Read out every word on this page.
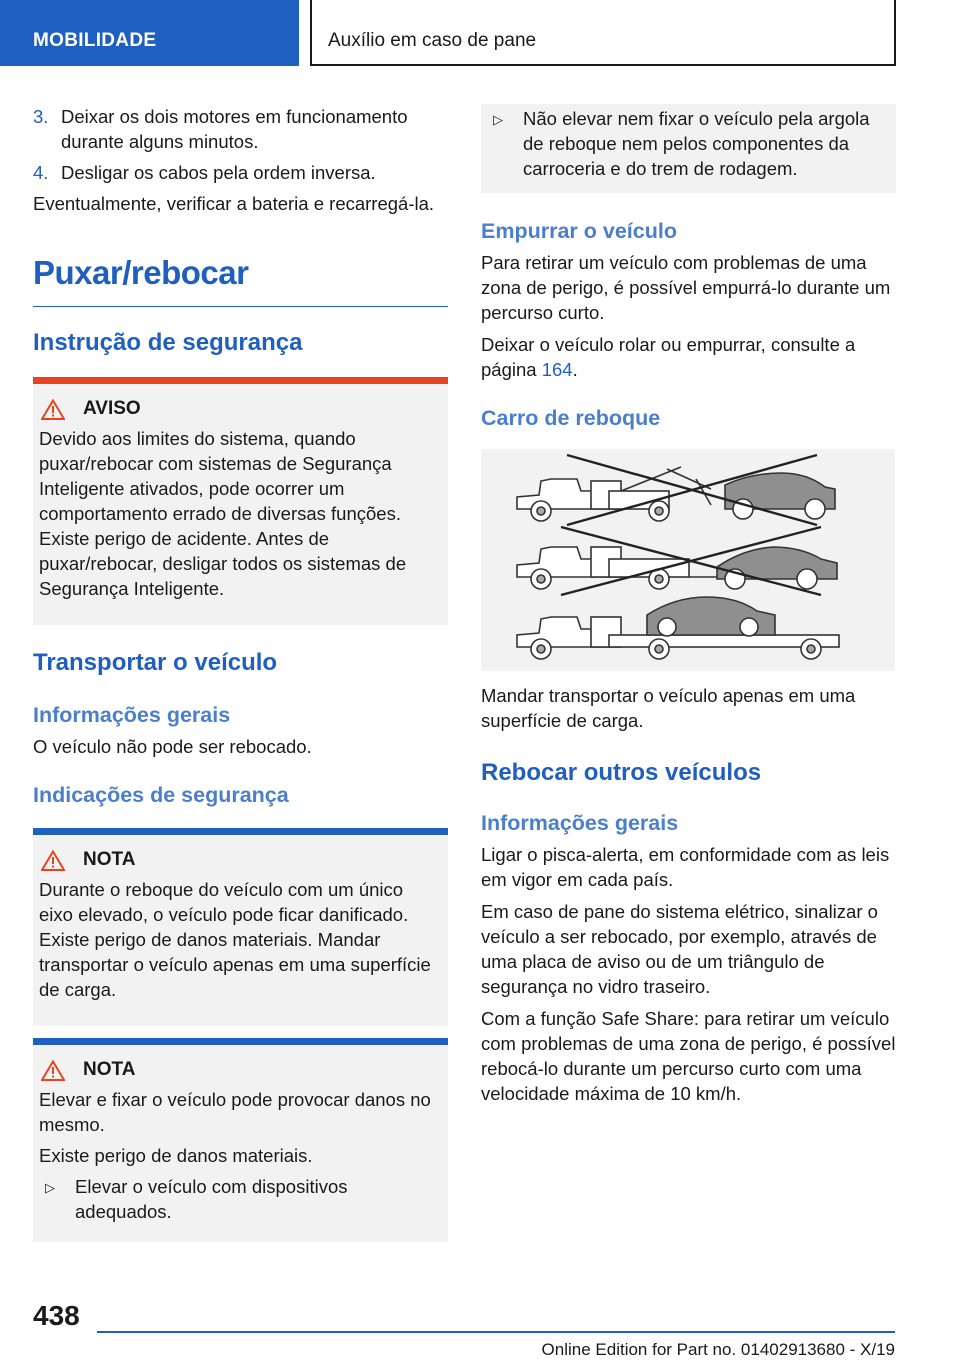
MOBILIDADE	Auxílio em caso de pane
3. Deixar os dois motores em funcionamento durante alguns minutos.
4. Desligar os cabos pela ordem inversa.

Eventualmente, verificar a bateria e recarregá-la.

Puxar/rebocar
Instrução de segurança
AVISO

Devido aos limites do sistema, quando puxar/rebocar com sistemas de Segurança Inteligente ativados, pode ocorrer um comportamento errado de diversas funções. Existe perigo de acidente. Antes de puxar/rebocar, desligar todos os sistemas de Segurança Inteligente.

Transportar o veículo
Informações gerais

O veículo não pode ser rebocado.

Indicações de segurança
NOTA

Durante o reboque do veículo com um único eixo elevado, o veículo pode ficar danificado. Existe perigo de danos materiais. Mandar transportar o veículo apenas em uma superfície de carga.

NOTA

Elevar e fixar o veículo pode provocar danos no mesmo.

Existe perigo de danos materiais.

▷ Elevar o veículo com dispositivos adequados.
▷ Não elevar nem fixar o veículo pela argola de reboque nem pelos componentes da carroceria e do trem de rodagem.
Empurrar o veículo

Para retirar um veículo com problemas de uma zona de perigo, é possível empurrá-lo durante um percurso curto.

Deixar o veículo rolar ou empurrar, consulte a página 164.

Carro de reboque

Mandar transportar o veículo apenas em uma superfície de carga.

Rebocar outros veículos
Informações gerais

Ligar o pisca-alerta, em conformidade com as leis em vigor em cada país.

Em caso de pane do sistema elétrico, sinalizar o veículo a ser rebocado, por exemplo, através de uma placa de aviso ou de um triângulo de segurança no vidro traseiro.

Com a função Safe Share: para retirar um veículo com problemas de uma zona de perigo, é possível rebocá-lo durante um percurso curto com uma velocidade máxima de 10 km/h.

438
Online Edition for Part no. 01402913680 - X/19
